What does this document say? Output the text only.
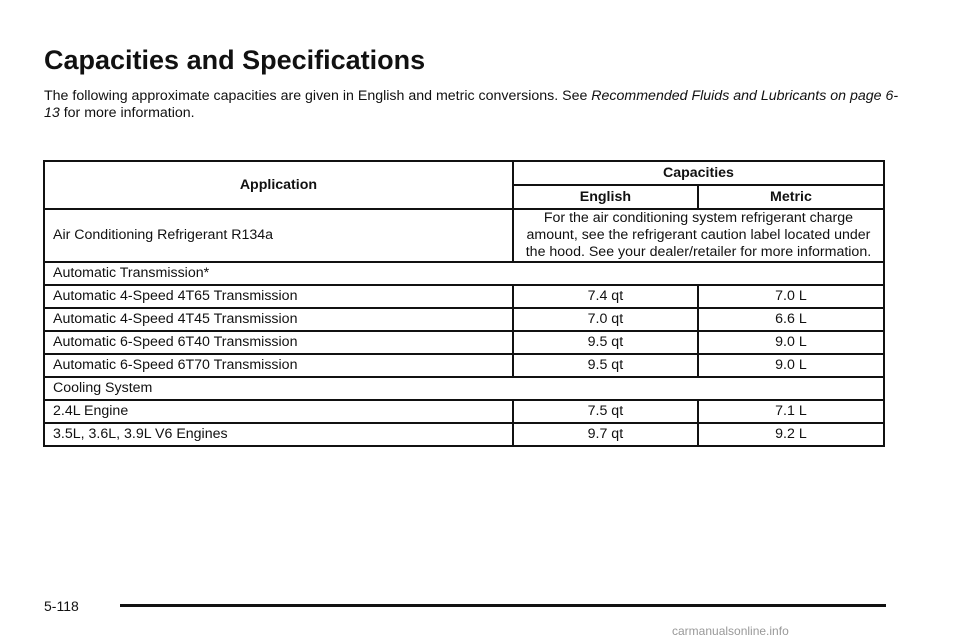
Capacities and Specifications

The following approximate capacities are given in English and metric conversions. See Recommended Fluids and Lubricants on page 6-13 for more information.

Application	Capacities	
	English	Metric
Air Conditioning Refrigerant R134a	For the air conditioning system refrigerant charge amount, see the refrigerant caution label located under the hood. See your dealer/retailer for more information.	
Automatic Transmission*		
Automatic 4-Speed 4T65 Transmission	7.4 qt	7.0 L
Automatic 4-Speed 4T45 Transmission	7.0 qt	6.6 L
Automatic 6-Speed 6T40 Transmission	9.5 qt	9.0 L
Automatic 6-Speed 6T70 Transmission	9.5 qt	9.0 L
Cooling System		
2.4L Engine	7.5 qt	7.1 L
3.5L, 3.6L, 3.9L V6 Engines	9.7 qt	9.2 L
5-118
carmanualsonline.info
